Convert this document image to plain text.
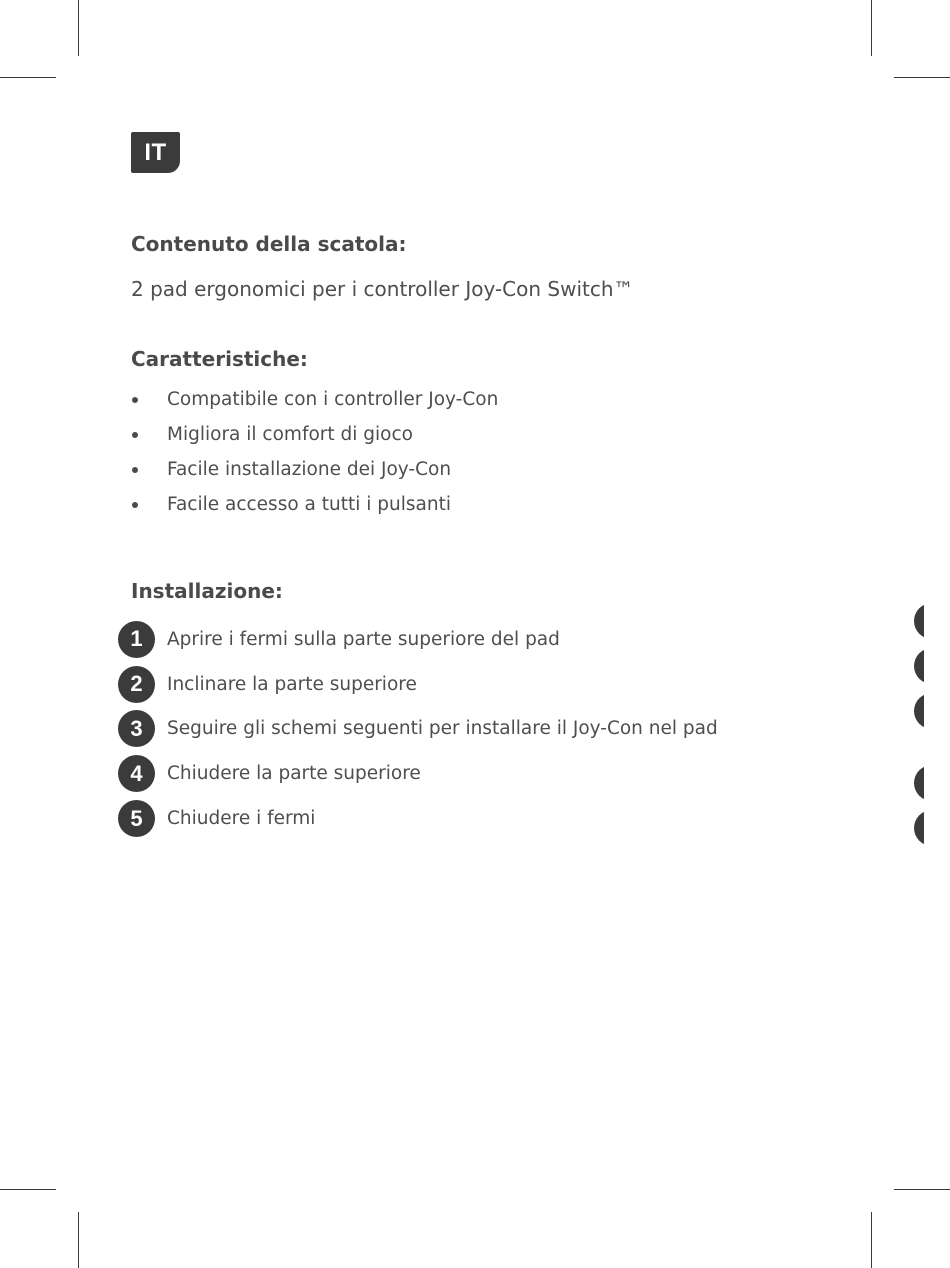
IT
Contenuto della scatola:

2 pad ergonomici per i controller Joy-Con Switch™

Caratteristiche:
Compatibile con i controller Joy-Con
Migliora il comfort di gioco
Facile installazione dei Joy-Con
Facile accesso a tutti i pulsanti
Installazione:
1	Aprire i fermi sulla parte superiore del pad
2	Inclinare la parte superiore
3	Seguire gli schemi seguenti per installare il Joy-Con nel pad
4	Chiudere la parte superiore
5	Chiudere i fermi
